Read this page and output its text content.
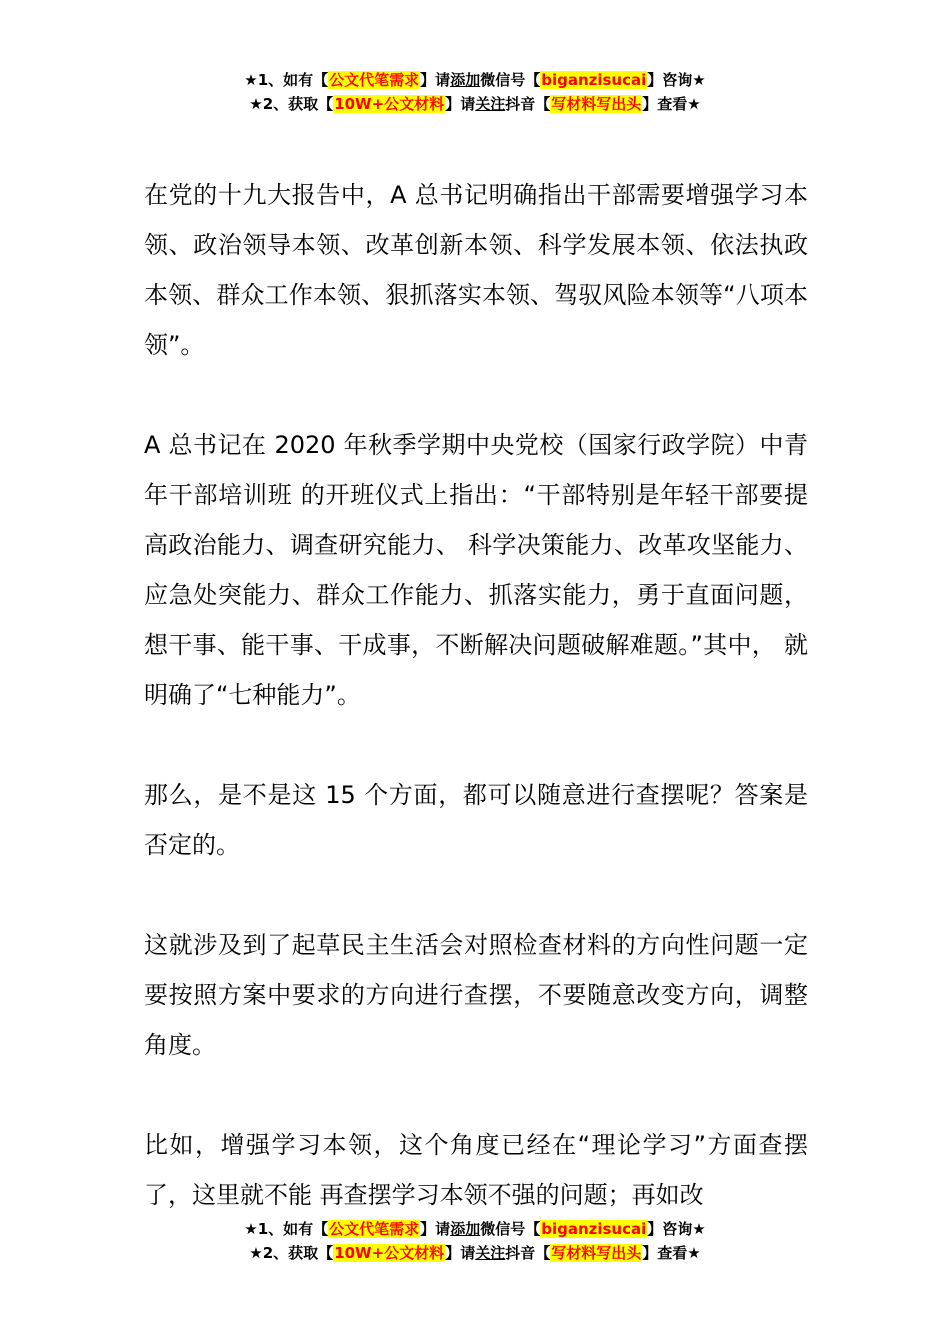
★1、如有【公文代笔需求】请添加微信号【biganzisucai】咨询★
★2、获取【10W+公文材料】请关注抖音【写材料写出头】查看★

在党的十九大报告中，A 总书记明确指出干部需要增强学习本领、政治领导本领、改革创新本领、科学发展本领、依法执政本领、群众工作本领、狠抓落实本领、驾驭风险本领等“八项本领”。

A 总书记在 2020 年秋季学期中央党校（国家行政学院）中青年干部培训班 的开班仪式上指出：“干部特别是年轻干部要提高政治能力、调查研究能力、 科学决策能力、改革攻坚能力、应急处突能力、群众工作能力、抓落实能力，勇于直面问题，想干事、能干事、干成事，不断解决问题破解难题。”其中， 就明确了“七种能力”。

那么，是不是这 15 个方面，都可以随意进行查摆呢？答案是否定的。

这就涉及到了起草民主生活会对照检查材料的方向性问题一定要按照方案中要求的方向进行查摆，不要随意改变方向，调整角度。

比如，增强学习本领，这个角度已经在“理论学习”方面查摆了，这里就不能 再查摆学习本领不强的问题；再如改

★1、如有【公文代笔需求】请添加微信号【biganzisucai】咨询★
★2、获取【10W+公文材料】请关注抖音【写材料写出头】查看★
